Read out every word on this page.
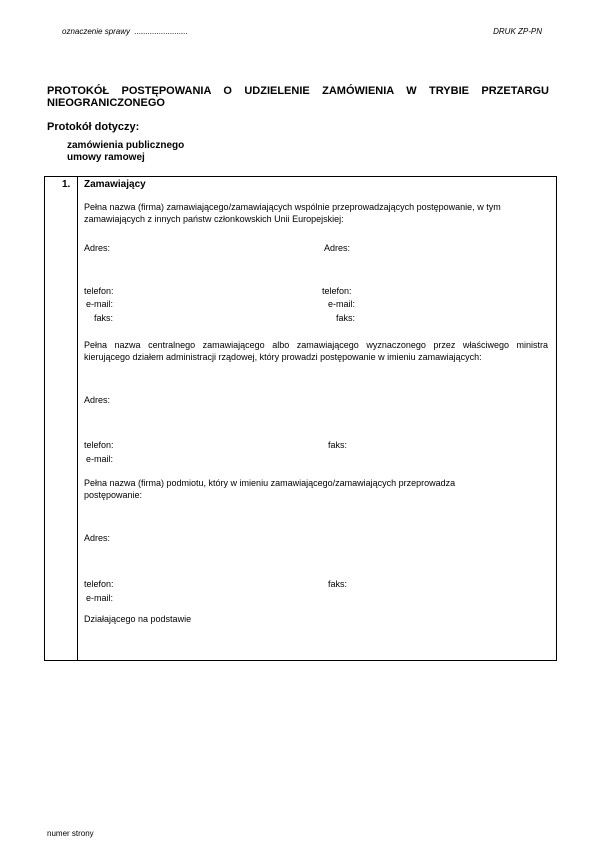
oznaczenie sprawy ........................	DRUK ZP-PN
PROTOKÓŁ POSTĘPOWANIA O UDZIELENIE ZAMÓWIENIA W TRYBIE PRZETARGU NIEOGRANICZONEGO
Protokół dotyczy:
zamówienia publicznego
umowy ramowej
1. Zamawiający
Pełna nazwa (firma) zamawiającego/zamawiających wspólnie przeprowadzających postępowanie, w tym zamawiających z innych państw członkowskich Unii Europejskiej:
Adres:	Adres:
telefon:	telefon:
e-mail:	e-mail:
faks:	faks:
Pełna nazwa centralnego zamawiającego albo zamawiającego wyznaczonego przez właściwego ministra kierującego działem administracji rządowej, który prowadzi postępowanie w imieniu zamawiających:
Adres:
telefon:	faks:
e-mail:
Pełna nazwa (firma) podmiotu, który w imieniu zamawiającego/zamawiających przeprowadza postępowanie:
Adres:
telefon:	faks:
e-mail:
Działającego na podstawie
numer strony
